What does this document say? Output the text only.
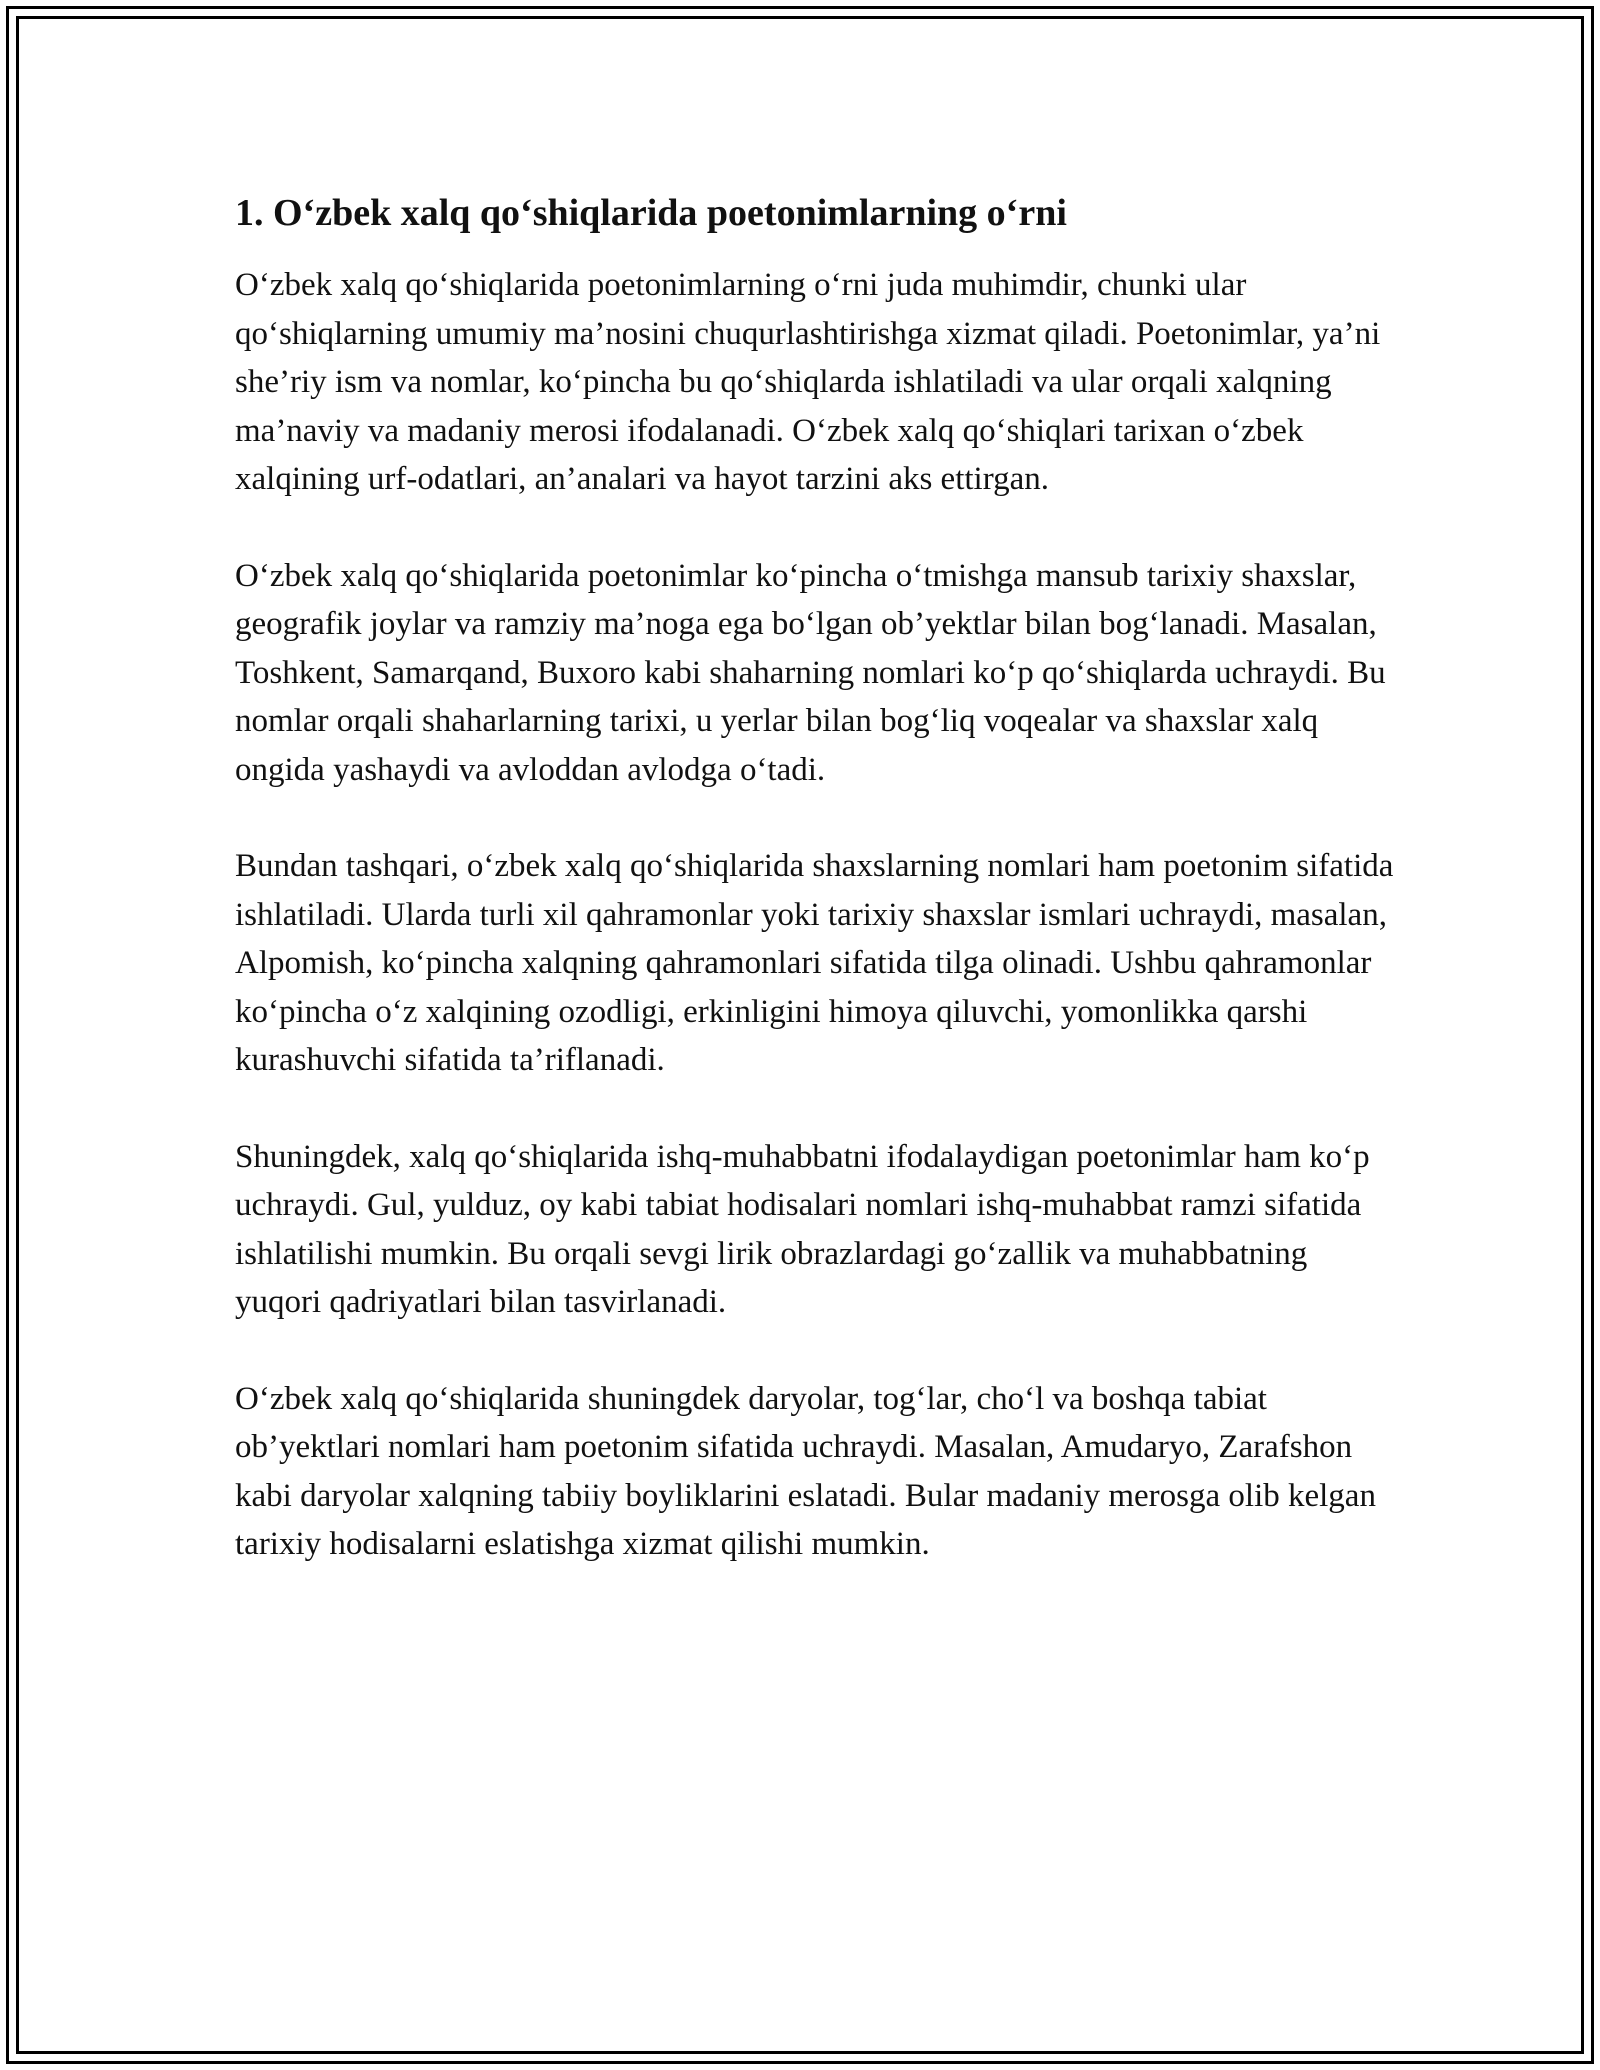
1. O‘zbek xalq qo‘shiqlarida poetonimlarning o‘rni

O‘zbek xalq qo‘shiqlarida poetonimlarning o‘rni juda muhimdir, chunki ular qo‘shiqlarning umumiy ma’nosini chuqurlashtirishga xizmat qiladi. Poetonimlar, ya’ni she’riy ism va nomlar, ko‘pincha bu qo‘shiqlarda ishlatiladi va ular orqali xalqning ma’naviy va madaniy merosi ifodalanadi. O‘zbek xalq qo‘shiqlari tarixan o‘zbek xalqining urf-odatlari, an’analari va hayot tarzini aks ettirgan.

O‘zbek xalq qo‘shiqlarida poetonimlar ko‘pincha o‘tmishga mansub tarixiy shaxslar, geografik joylar va ramziy ma’noga ega bo‘lgan ob’yektlar bilan bog‘lanadi. Masalan, Toshkent, Samarqand, Buxoro kabi shaharning nomlari ko‘p qo‘shiqlarda uchraydi. Bu nomlar orqali shaharlarning tarixi, u yerlar bilan bog‘liq voqealar va shaxslar xalq ongida yashaydi va avloddan avlodga o‘tadi.

Bundan tashqari, o‘zbek xalq qo‘shiqlarida shaxslarning nomlari ham poetonim sifatida ishlatiladi. Ularda turli xil qahramonlar yoki tarixiy shaxslar ismlari uchraydi, masalan, Alpomish, ko‘pincha xalqning qahramonlari sifatida tilga olinadi. Ushbu qahramonlar ko‘pincha o‘z xalqining ozodligi, erkinligini himoya qiluvchi, yomonlikka qarshi kurashuvchi sifatida ta’riflanadi.

Shuningdek, xalq qo‘shiqlarida ishq-muhabbatni ifodalaydigan poetonimlar ham ko‘p uchraydi. Gul, yulduz, oy kabi tabiat hodisalari nomlari ishq-muhabbat ramzi sifatida ishlatilishi mumkin. Bu orqali sevgi lirik obrazlardagi go‘zallik va muhabbatning yuqori qadriyatlari bilan tasvirlanadi.

O‘zbek xalq qo‘shiqlarida shuningdek daryolar, tog‘lar, cho‘l va boshqa tabiat ob’yektlari nomlari ham poetonim sifatida uchraydi. Masalan, Amudaryo, Zarafshon kabi daryolar xalqning tabiiy boyliklarini eslatadi. Bular madaniy merosga olib kelgan tarixiy hodisalarni eslatishga xizmat qilishi mumkin.
